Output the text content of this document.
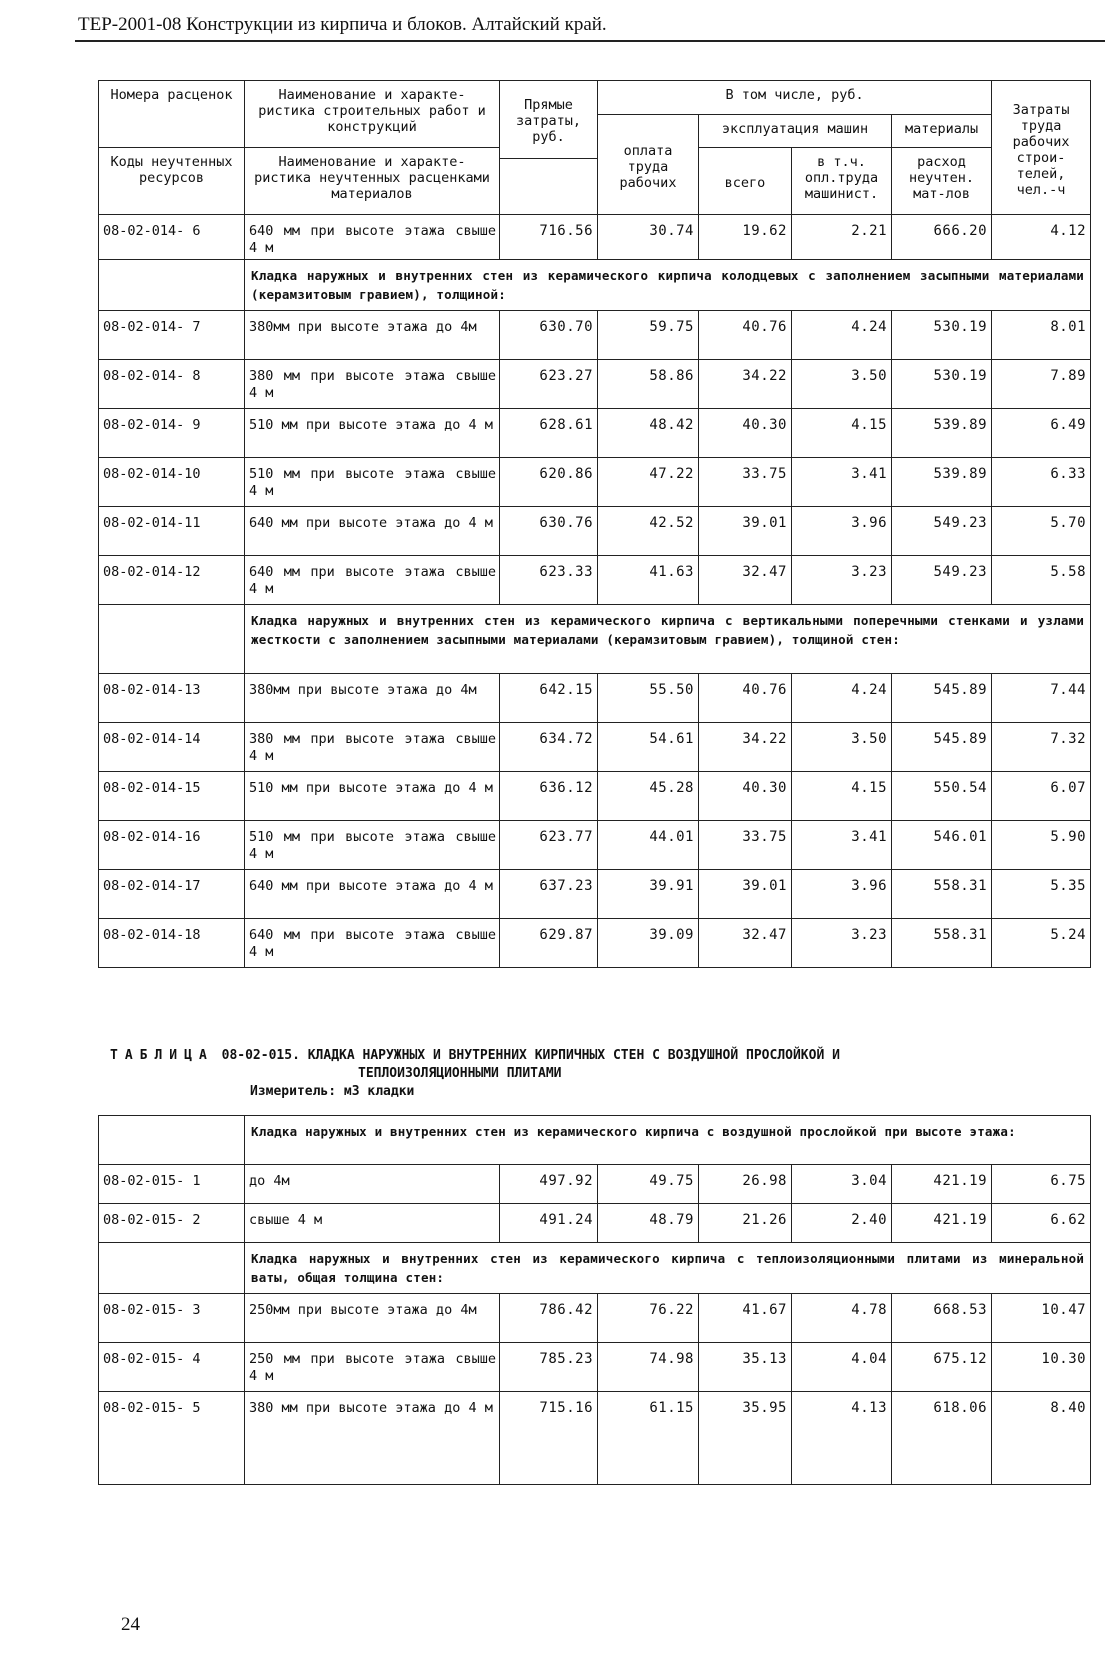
ТЕР-2001-08 Конструкции из кирпича и блоков. Алтайский край.
Номера расценок	Наименование и характе- ристика строительных работ и конструкций	Прямые затраты, руб.	В том числе, руб.				Затраты труда рабочих строи- телей, чел.-ч
			оплата труда рабочих	эксплуатация машин		материалы	
Коды неучтенных ресурсов	Наименование и характе- ристика неучтенных расценками материалов			всего	в т.ч. опл.труда машинист.	расход неучтен. мат-лов	

08-02-014- 6	640 мм при высоте этажа свыше 4 м	716.56	30.74	19.62	2.21	666.20	4.12
	Кладка наружных и внутренних стен из керамического кирпича колодцевых с заполнением засыпными материалами (керамзитовым гравием), толщиной:						
08-02-014- 7	380мм при высоте этажа до 4м	630.70	59.75	40.76	4.24	530.19	8.01
08-02-014- 8	380 мм при высоте этажа свыше 4 м	623.27	58.86	34.22	3.50	530.19	7.89
08-02-014- 9	510 мм при высоте этажа до 4 м	628.61	48.42	40.30	4.15	539.89	6.49
08-02-014-10	510 мм при высоте этажа свыше 4 м	620.86	47.22	33.75	3.41	539.89	6.33
08-02-014-11	640 мм при высоте этажа до 4 м	630.76	42.52	39.01	3.96	549.23	5.70
08-02-014-12	640 мм при высоте этажа свыше 4 м	623.33	41.63	32.47	3.23	549.23	5.58
	Кладка наружных и внутренних стен из керамического кирпича с вертикальными поперечными стенками и узлами жесткости с заполнением засыпными материалами (керамзитовым гравием), толщиной стен:						
08-02-014-13	380мм при высоте этажа до 4м	642.15	55.50	40.76	4.24	545.89	7.44
08-02-014-14	380 мм при высоте этажа свыше 4 м	634.72	54.61	34.22	3.50	545.89	7.32
08-02-014-15	510 мм при высоте этажа до 4 м	636.12	45.28	40.30	4.15	550.54	6.07
08-02-014-16	510 мм при высоте этажа свыше 4 м	623.77	44.01	33.75	3.41	546.01	5.90
08-02-014-17	640 мм при высоте этажа до 4 м	637.23	39.91	39.01	3.96	558.31	5.35
08-02-014-18	640 мм при высоте этажа свыше 4 м	629.87	39.09	32.47	3.23	558.31	5.24
ТАБЛИЦА 08-02-015. КЛАДКА НАРУЖНЫХ И ВНУТРЕННИХ КИРПИЧНЫХ СТЕН С ВОЗДУШНОЙ ПРОСЛОЙКОЙ И
ТЕПЛОИЗОЛЯЦИОННЫМИ ПЛИТАМИ
Измеритель: м3 кладки
	Кладка наружных и внутренних стен из керамического кирпича с воздушной прослойкой при высоте этажа:						
08-02-015- 1	до 4м	497.92	49.75	26.98	3.04	421.19	6.75
08-02-015- 2	свыше 4 м	491.24	48.79	21.26	2.40	421.19	6.62
	Кладка наружных и внутренних стен из керамического кирпича с теплоизоляционными плитами из минеральной ваты, общая толщина стен:						
08-02-015- 3	250мм при высоте этажа до 4м	786.42	76.22	41.67	4.78	668.53	10.47
08-02-015- 4	250 мм при высоте этажа свыше 4 м	785.23	74.98	35.13	4.04	675.12	10.30
08-02-015- 5	380 мм при высоте этажа до 4 м	715.16	61.15	35.95	4.13	618.06	8.40
24
